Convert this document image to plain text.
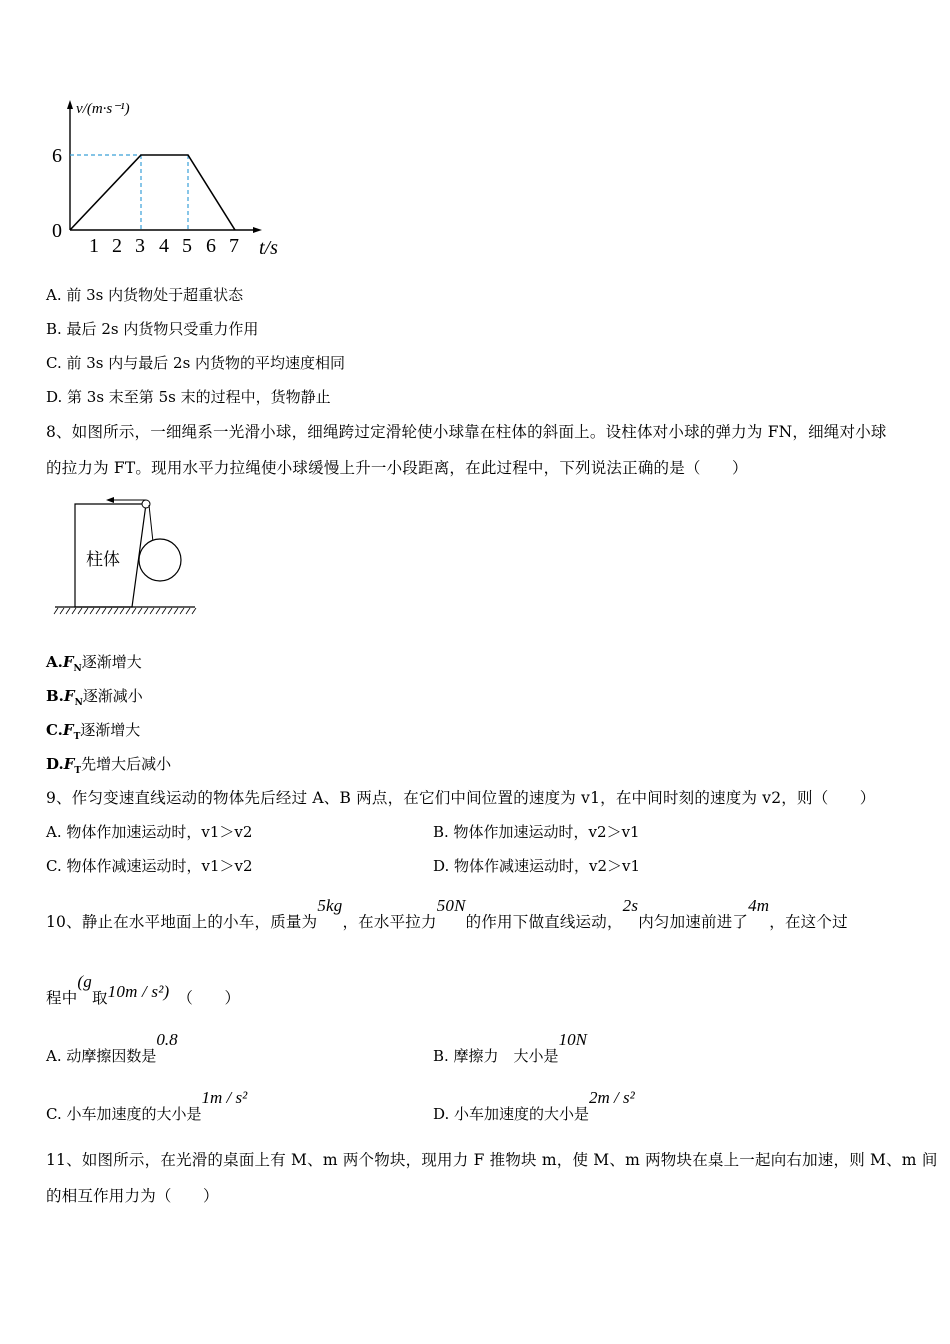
v/(m·s⁻¹)
6
0
1 2 3 4 5 6 7 t/s
A. 前 3s 内货物处于超重状态
B. 最后 2s 内货物只受重力作用
C. 前 3s 内与最后 2s 内货物的平均速度相同
D. 第 3s 末至第 5s 末的过程中，货物静止
8、如图所示，一细绳系一光滑小球，细绳跨过定滑轮使小球靠在柱体的斜面上。设柱体对小球的弹力为 FN，细绳对小球
的拉力为 FT。现用水平力拉绳使小球缓慢上升一小段距离，在此过程中，下列说法正确的是（　　）
柱体
$A.F_N$逐渐增大
$B.F_N$逐渐减小
$C.F_T$逐渐增大
$D.F_T$先增大后减小
9、作匀变速直线运动的物体先后经过 A、B 两点，在它们中间位置的速度为 v1，在中间时刻的速度为 v2，则（　　）
A. 物体作加速运动时，v1＞v2	B. 物体作加速运动时，v2＞v1
C. 物体作减速运动时，v1＞v2	D. 物体作减速运动时，v2＞v1
10、静止在水平地面上的小车，质量为5kg，在水平拉力50N的作用下做直线运动，2s内匀加速前进了4m，在这个过
程中(g取10m / s²) （　　）
A. 动摩擦因数是0.8
B. 摩擦力　大小是10N
C. 小车加速度的大小是1m / s²
D. 小车加速度的大小是2m / s²
11、如图所示，在光滑的桌面上有 M、m 两个物块，现用力 F 推物块 m，使 M、m 两物块在桌上一起向右加速，则 M、m 间
的相互作用力为（　　）
